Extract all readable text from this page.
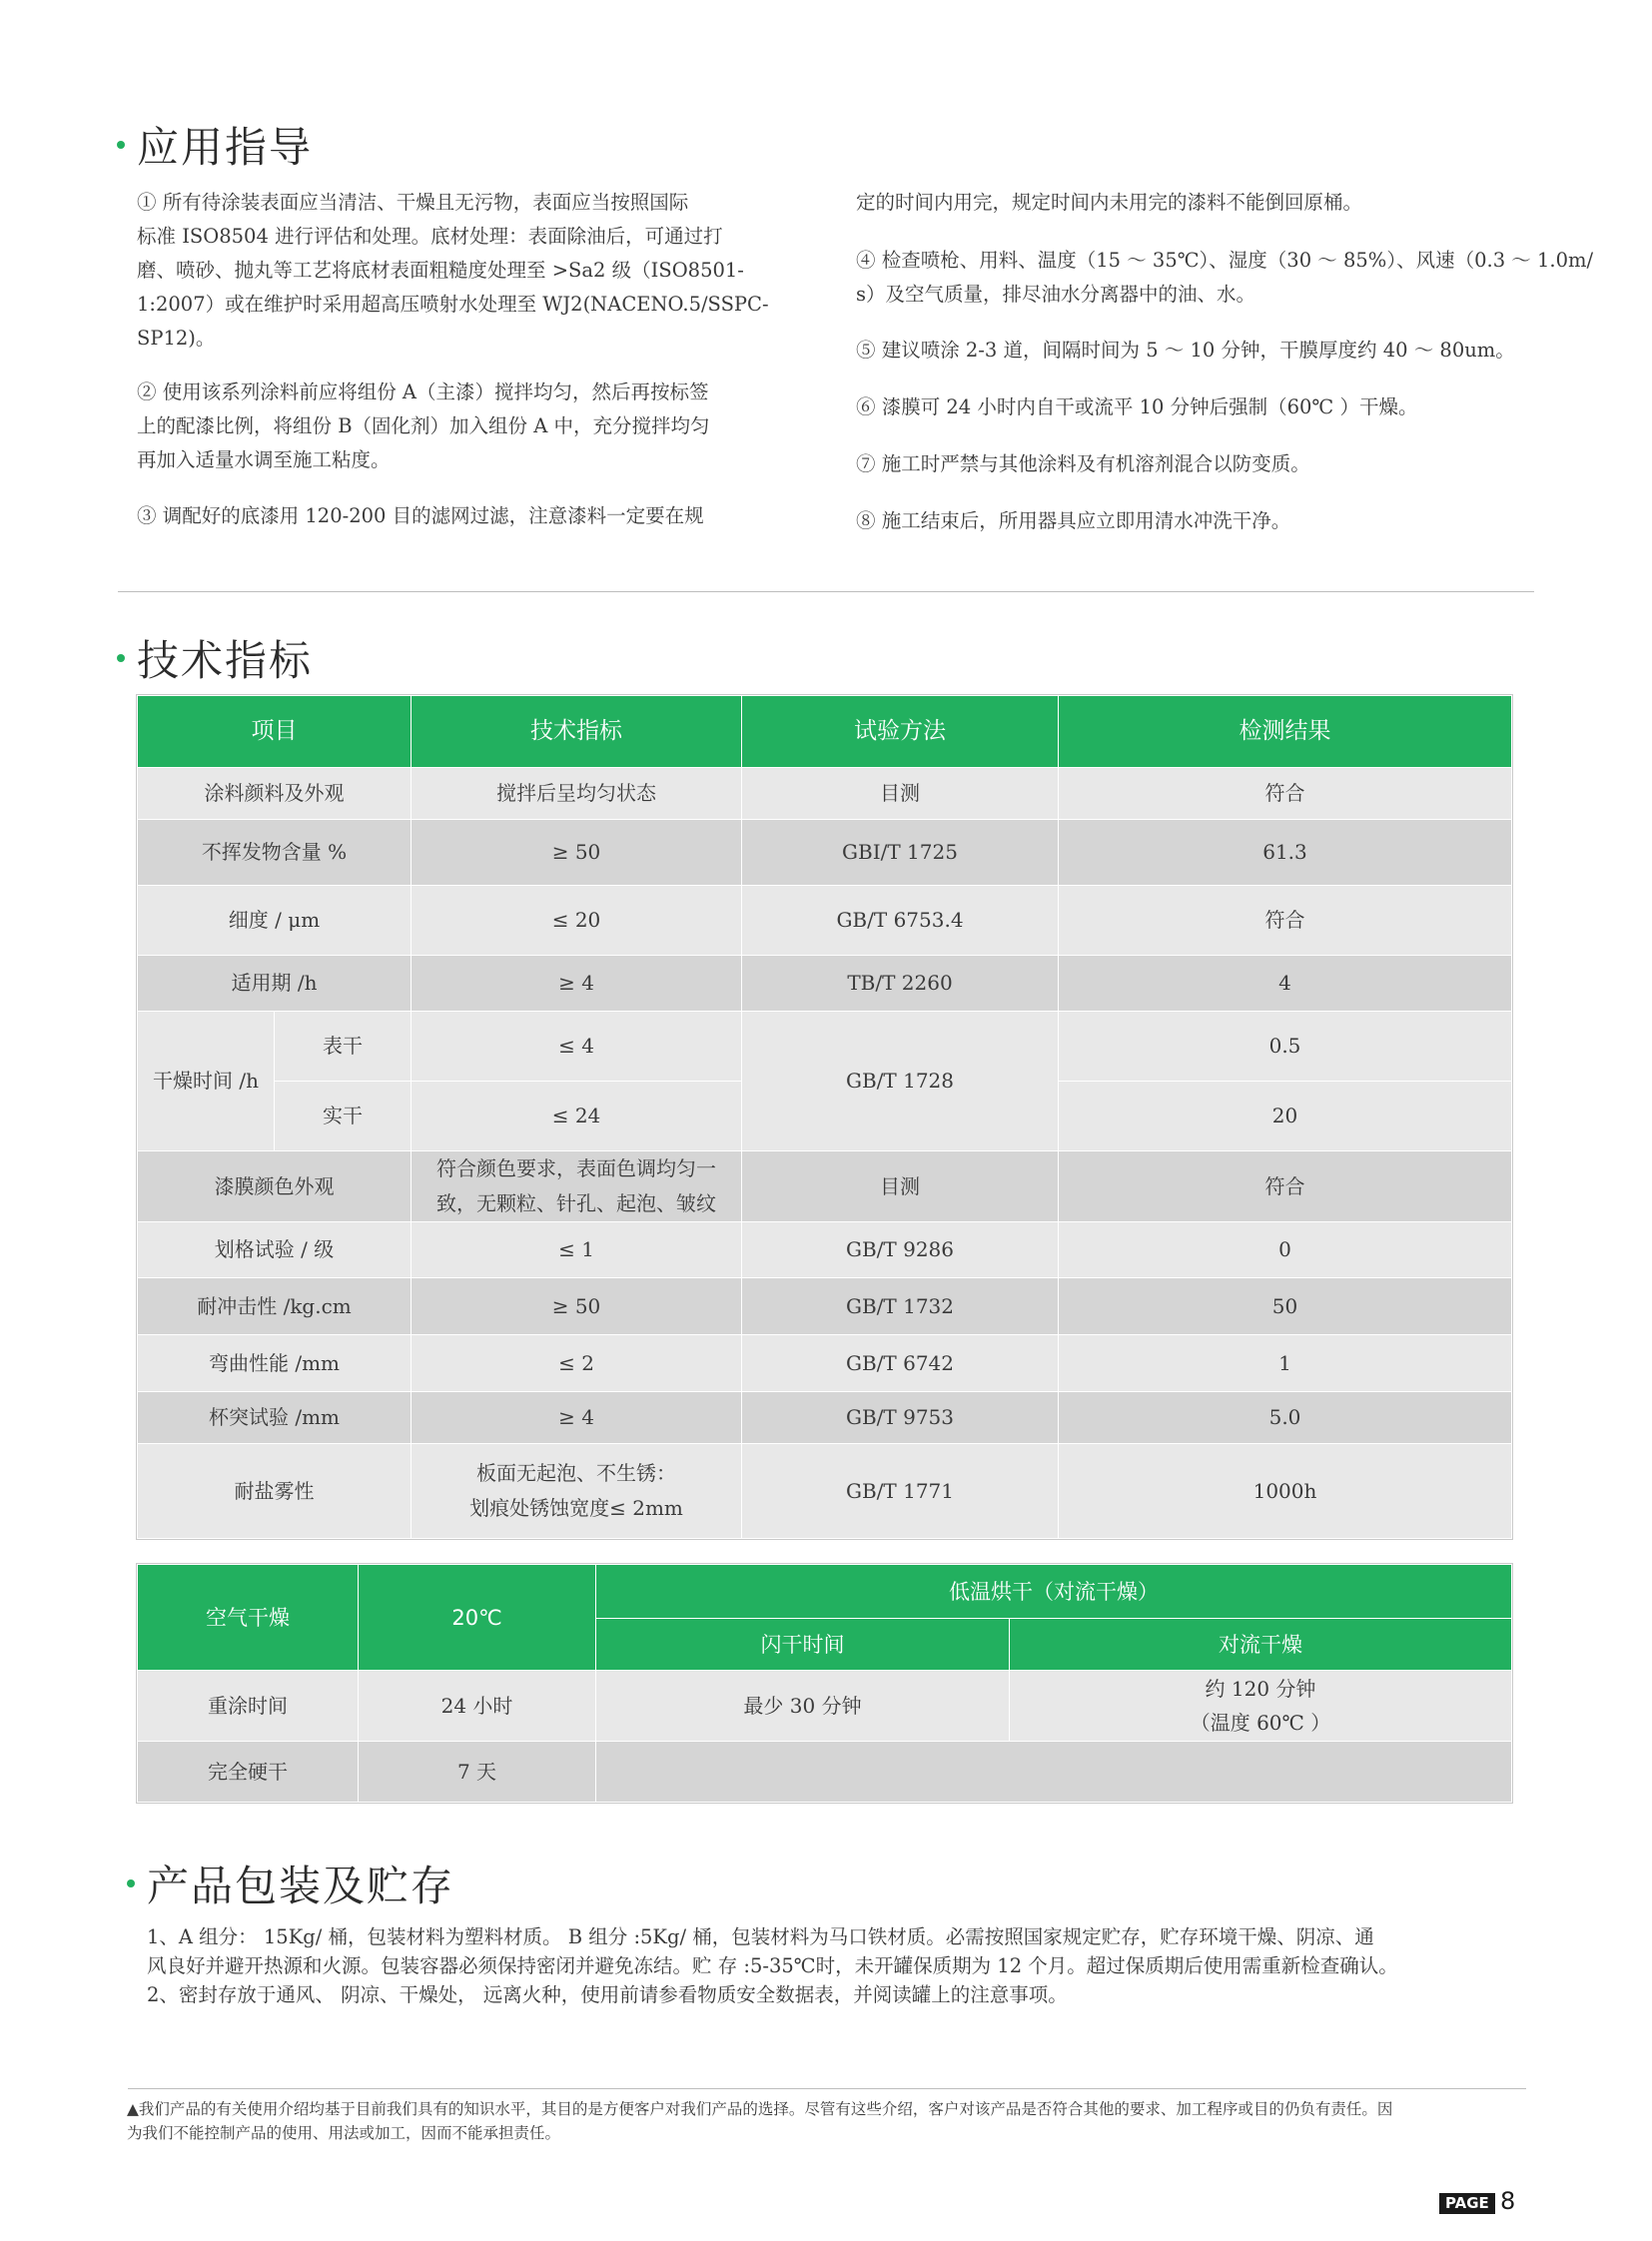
应用指导

① 所有待涂装表面应当清洁、干燥且无污物，表面应当按照国际

标准 ISO8504 进行评估和处理。底材处理：表面除油后，可通过打

磨、喷砂、抛丸等工艺将底材表面粗糙度处理至 >Sa2 级（ISO8501-

1:2007）或在维护时采用超高压喷射水处理至 WJ2(NACENO.5/SSPC-

SP12)。

② 使用该系列涂料前应将组份 A（主漆）搅拌均匀，然后再按标签

上的配漆比例，将组份 B（固化剂）加入组份 A 中，充分搅拌均匀

再加入适量水调至施工粘度。

③ 调配好的底漆用 120-200 目的滤网过滤，注意漆料一定要在规

定的时间内用完，规定时间内未用完的漆料不能倒回原桶。

④ 检查喷枪、用料、温度（15 ～ 35℃）、湿度（30 ～ 85%）、风速（0.3 ～ 1.0m/

s）及空气质量，排尽油水分离器中的油、水。

⑤ 建议喷涂 2-3 道，间隔时间为 5 ～ 10 分钟，干膜厚度约 40 ～ 80um。

⑥ 漆膜可 24 小时内自干或流平 10 分钟后强制（60℃ ）干燥。

⑦ 施工时严禁与其他涂料及有机溶剂混合以防变质。

⑧ 施工结束后，所用器具应立即用清水冲洗干净。

技术指标
项目		技术指标	试验方法	检测结果
涂料颜料及外观		搅拌后呈均匀状态	目测	符合
不挥发物含量 %		≥ 50	GBI/T 1725	61.3
细度 / μm		≤ 20	GB/T 6753.4	符合
适用期 /h		≥ 4	TB/T 2260	4
干燥时间 /h	表干	≤ 4	GB/T 1728	0.5
	实干	≤ 24		20
漆膜颜色外观		符合颜色要求，表面色调均匀一
致，无颗粒、针孔、起泡、皱纹	目测	符合
划格试验 / 级		≤ 1	GB/T 9286	0
耐冲击性 /kg.cm		≥ 50	GB/T 1732	50
弯曲性能 /mm		≤ 2	GB/T 6742	1
杯突试验 /mm		≥ 4	GB/T 9753	5.0
耐盐雾性		板面无起泡、不生锈：
划痕处锈蚀宽度≤ 2mm	GB/T 1771	1000h
空气干燥	20℃	低温烘干（对流干燥）	
		闪干时间	对流干燥
重涂时间	24 小时	最少 30 分钟	约 120 分钟
（温度 60℃ ）

完全硬干	7 天		
产品包装及贮存

1、A 组分： 15Kg/ 桶，包装材料为塑料材质。 B 组分 :5Kg/ 桶，包装材料为马口铁材质。必需按照国家规定贮存，贮存环境干燥、阴凉、通

风良好并避开热源和火源。包装容器必须保持密闭并避免冻结。贮 存 :5-35℃时，未开罐保质期为 12 个月。超过保质期后使用需重新检查确认。

2、密封存放于通风、 阴凉、干燥处， 远离火种，使用前请参看物质安全数据表，并阅读罐上的注意事项。

▲我们产品的有关使用介绍均基于目前我们具有的知识水平，其目的是方便客户对我们产品的选择。尽管有这些介绍，客户对该产品是否符合其他的要求、加工程序或目的仍负有责任。因

为我们不能控制产品的使用、用法或加工，因而不能承担责任。

PAGE 8
